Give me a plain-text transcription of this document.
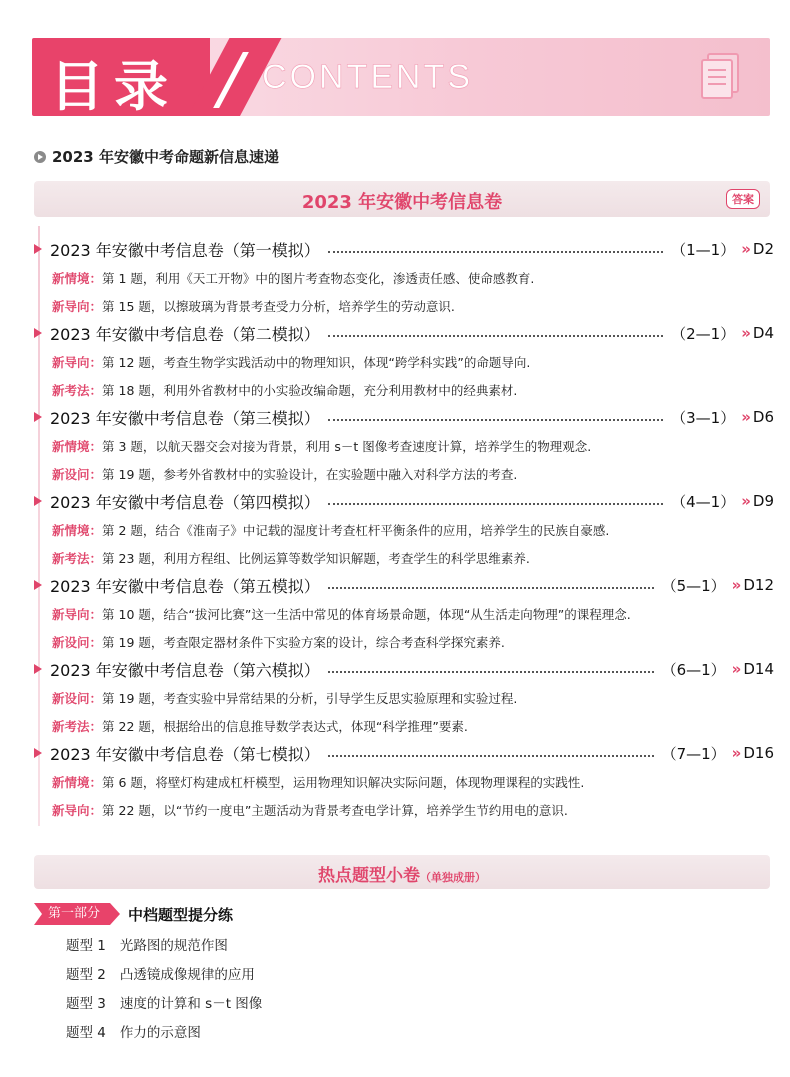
目录 CONTENTS
2023 年安徽中考命题新信息速递
2023 年安徽中考信息卷	答案
2023 年安徽中考信息卷（第一模拟）	（1—1） » D2
新情境：第 1 题，利用《天工开物》中的图片考查物态变化，渗透责任感、使命感教育.
新导向：第 15 题，以擦玻璃为背景考查受力分析，培养学生的劳动意识.
2023 年安徽中考信息卷（第二模拟）	（2—1） » D4
新导向：第 12 题，考查生物学实践活动中的物理知识，体现“跨学科实践”的命题导向.
新考法：第 18 题，利用外省教材中的小实验改编命题，充分利用教材中的经典素材.
2023 年安徽中考信息卷（第三模拟）	（3—1） » D6
新情境：第 3 题，以航天器交会对接为背景，利用 s－t 图像考查速度计算，培养学生的物理观念.
新设问：第 19 题，参考外省教材中的实验设计，在实验题中融入对科学方法的考查.
2023 年安徽中考信息卷（第四模拟）	（4—1） » D9
新情境：第 2 题，结合《淮南子》中记载的湿度计考查杠杆平衡条件的应用，培养学生的民族自豪感.
新考法：第 23 题，利用方程组、比例运算等数学知识解题，考查学生的科学思维素养.
2023 年安徽中考信息卷（第五模拟）	（5—1） » D12
新导向：第 10 题，结合“拔河比赛”这一生活中常见的体育场景命题，体现“从生活走向物理”的课程理念.
新设问：第 19 题，考查限定器材条件下实验方案的设计，综合考查科学探究素养.
2023 年安徽中考信息卷（第六模拟）	（6—1） » D14
新设问：第 19 题，考查实验中异常结果的分析，引导学生反思实验原理和实验过程.
新考法：第 22 题，根据给出的信息推导数学表达式，体现“科学推理”要素.
2023 年安徽中考信息卷（第七模拟）	（7—1） » D16
新情境：第 6 题，将壁灯构建成杠杆模型，运用物理知识解决实际问题，体现物理课程的实践性.
新导向：第 22 题，以“节约一度电”主题活动为背景考查电学计算，培养学生节约用电的意识.
热点题型小卷（单独成册）
第一部分	中档题型提分练
题型 1 光路图的规范作图
题型 2 凸透镜成像规律的应用
题型 3 速度的计算和 s－t 图像
题型 4 作力的示意图
